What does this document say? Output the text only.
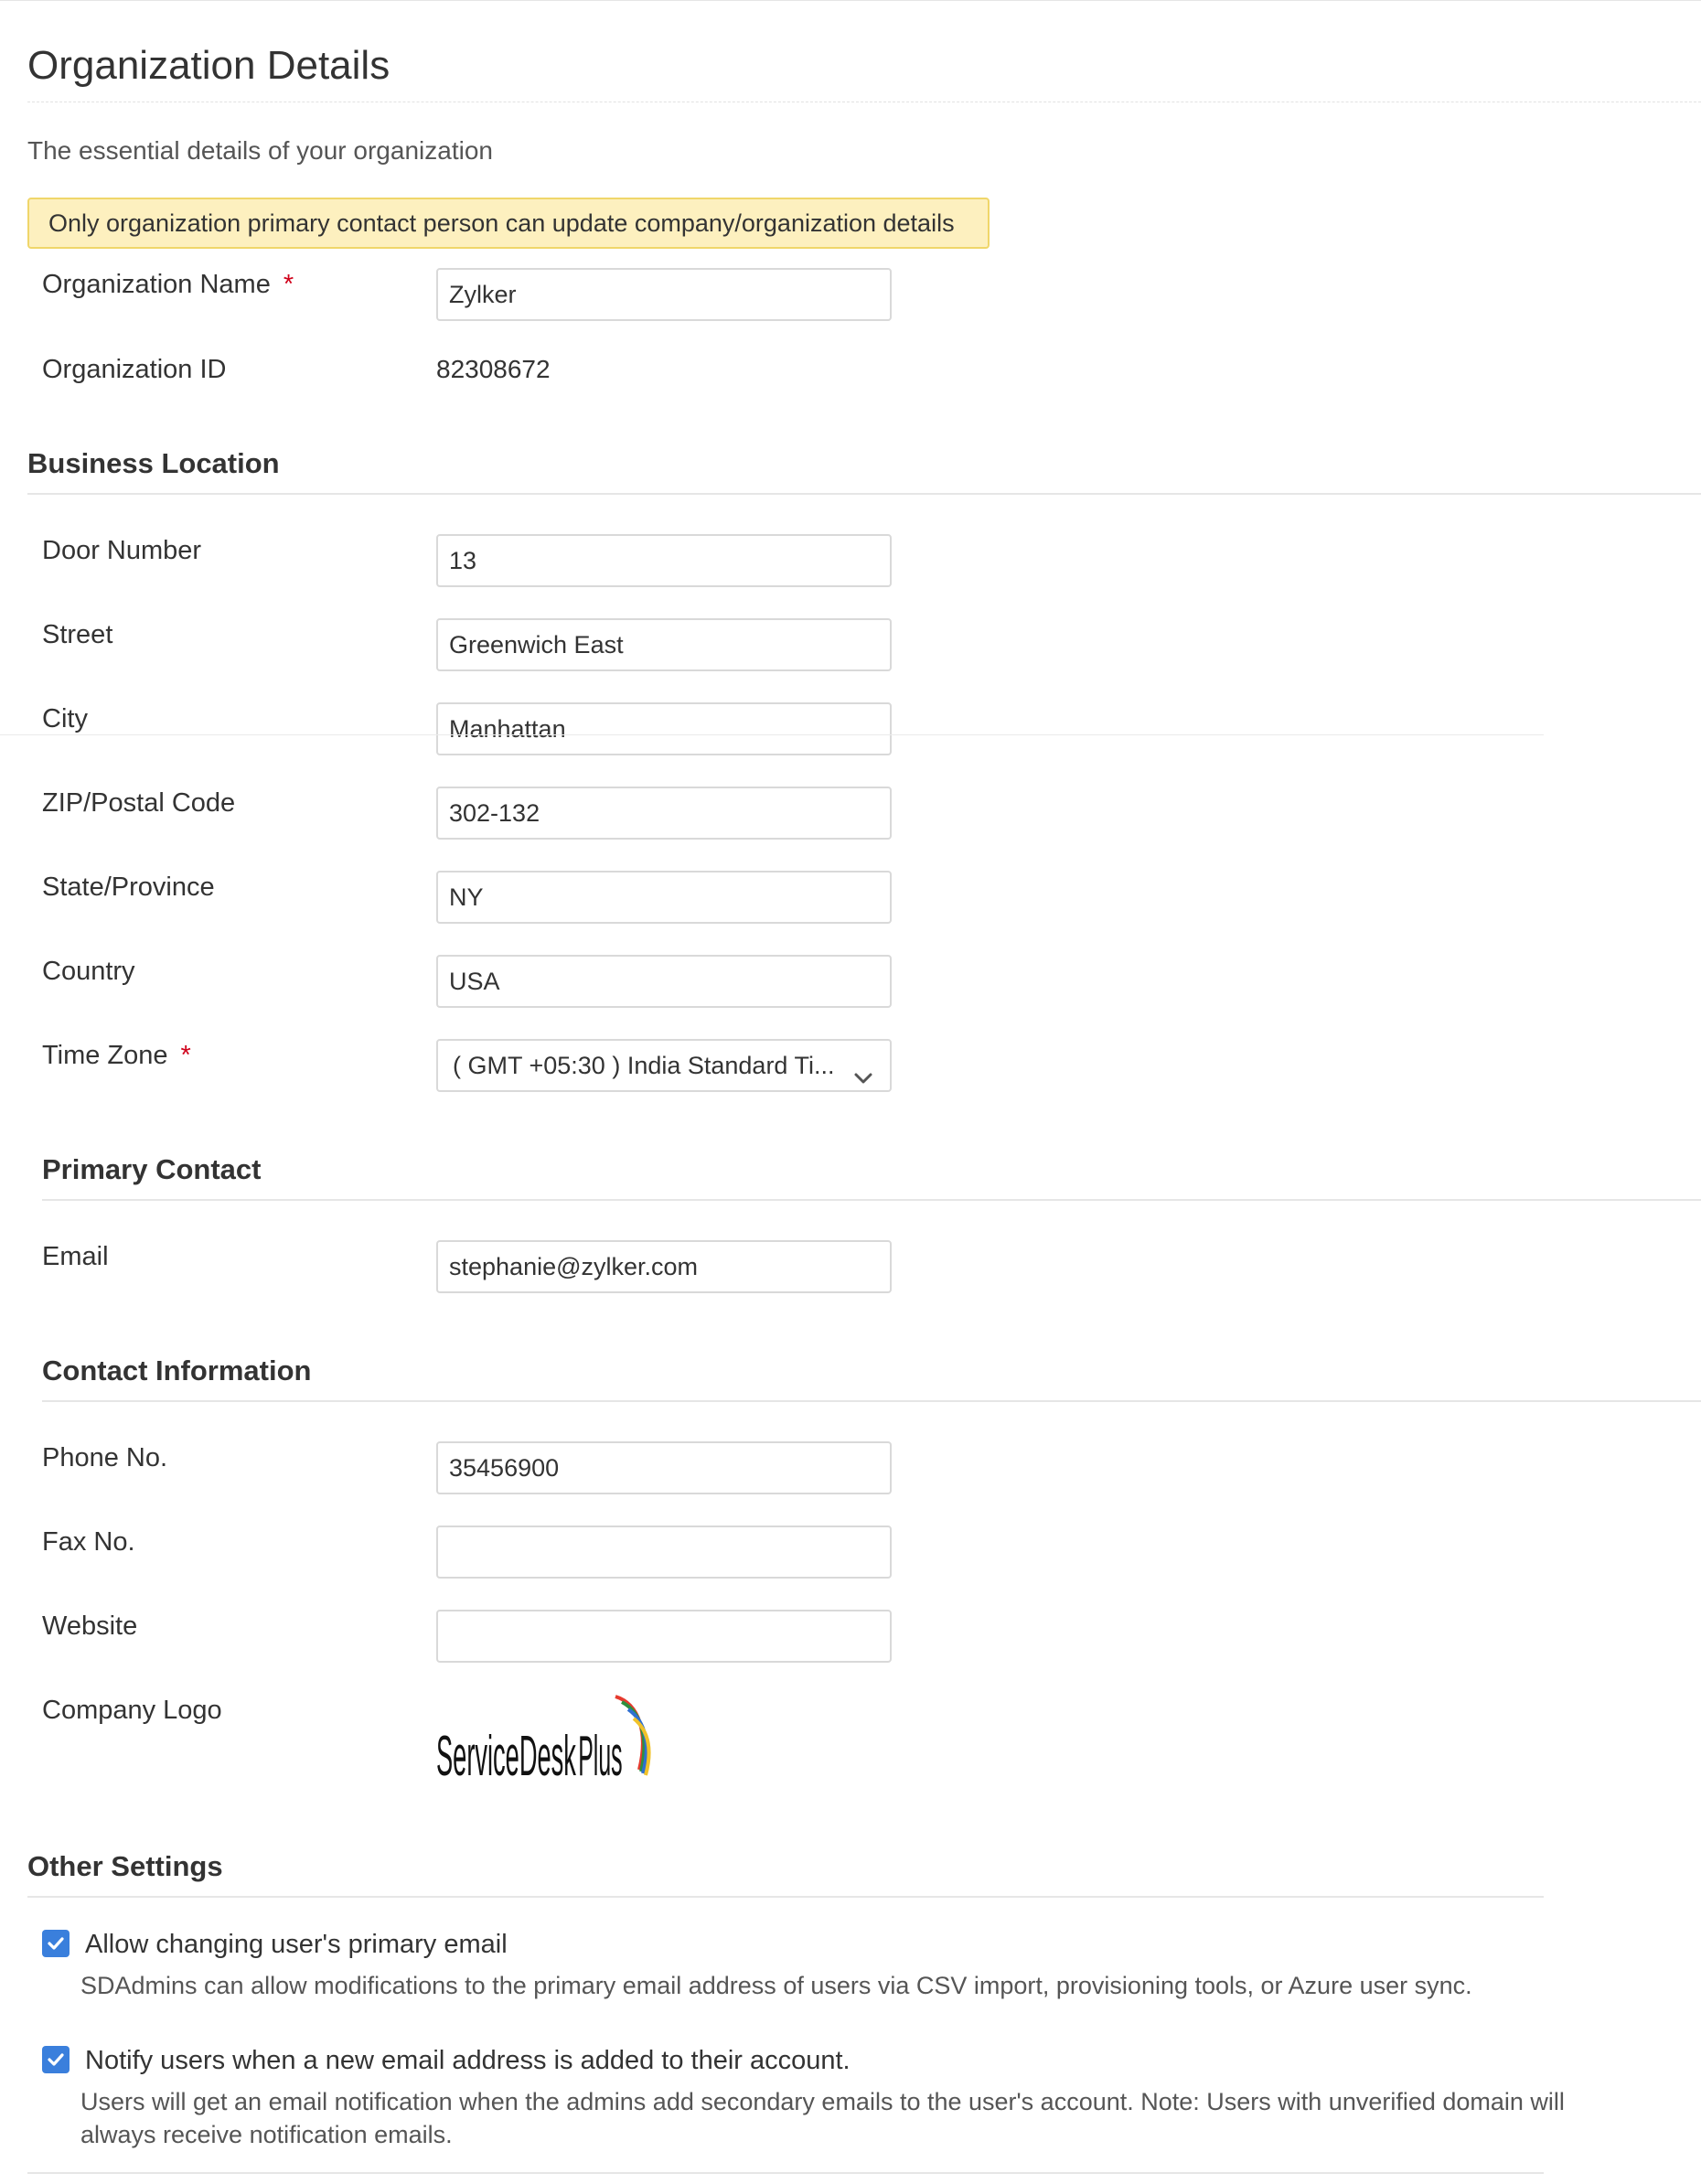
Organization Details
The essential details of your organization
Only organization primary contact person can update company/organization details
Organization Name *	Zylker
Organization ID	82308672
Business Location
Door Number	13
Street	Greenwich East
City	Manhattan
ZIP/Postal Code	302-132
State/Province	NY
Country	USA
Time Zone *	( GMT +05:30 ) India Standard Ti...
Primary Contact
Email	stephanie@zylker.com
Contact Information
Phone No.	35456900
Fax No.
Website
Company Logo
ServiceDesk Plus
Other Settings
Allow changing user's primary email
SDAdmins can allow modifications to the primary email address of users via CSV import, provisioning tools, or Azure user sync.
Notify users when a new email address is added to their account.
Users will get an email notification when the admins add secondary emails to the user's account. Note: Users with unverified domain will always receive notification emails.
